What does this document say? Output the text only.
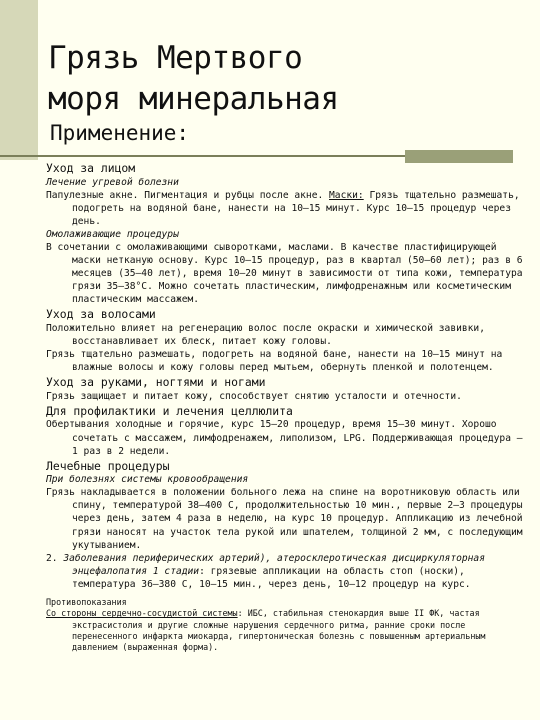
Грязь Мертвого
моря минеральная
Применение:
Уход за лицом
Лечение угревой болезни
Папулезные акне. Пигментация и рубцы после акне. Маски: Грязь тщательно размешать, подогреть на водяной бане, нанести на 10–15 минут. Курс 10–15 процедур через день.
Омолаживающие процедуры
В сочетании с омолаживающими сыворотками, маслами. В качестве пластифицирующей маски нетканую основу. Курс 10–15 процедур, раз в квартал (50–60 лет); раз в 6 месяцев (35–40 лет), время 10–20 минут в зависимости от типа кожи, температура грязи 35–38°С. Можно сочетать пластическим, лимфодренажным или косметическим пластическим массажем.
Уход за волосами
Положительно влияет на регенерацию волос после окраски и химической завивки, восстанавливает их блеск, питает кожу головы.
Грязь тщательно размешать, подогреть на водяной бане, нанести на 10–15 минут на влажные волосы и кожу головы перед мытьем, обернуть пленкой и полотенцем.
Уход за руками, ногтями и ногами
Грязь защищает и питает кожу, способствует снятию усталости и отечности.
Для профилактики и лечения целлюлита
Обертывания холодные и горячие, курс 15–20 процедур, время 15–30 минут. Хорошо сочетать с массажем, лимфодренажем, липолизом, LPG. Поддерживающая процедура – 1 раз в 2 недели.
Лечебные процедуры
При болезнях системы кровообращения
Грязь накладывается в положении больного лежа на спине на воротниковую область или спину, температурой 38–400 С, продолжительностью 10 мин., первые 2–3 процедуры через день, затем 4 раза в неделю, на курс 10 процедур. Аппликацию из лечебной грязи наносят на участок тела рукой или шпателем, толщиной 2 мм, с последующим укутыванием.
2. Заболевания периферических артерий), атеросклеротическая дисциркуляторная энцефалопатия 1 стадии: грязевые аппликации на область стоп (носки), температура 36–380 С, 10–15 мин., через день, 10–12 процедур на курс.
Противопоказания
Со стороны сердечно-сосудистой системы: ИБС, стабильная стенокардия выше II ФК, частая экстрасистолия и другие сложные нарушения сердечного ритма, ранние сроки после перенесенного инфаркта миокарда, гипертоническая болезнь с повышенным артериальным давлением (выраженная форма).
